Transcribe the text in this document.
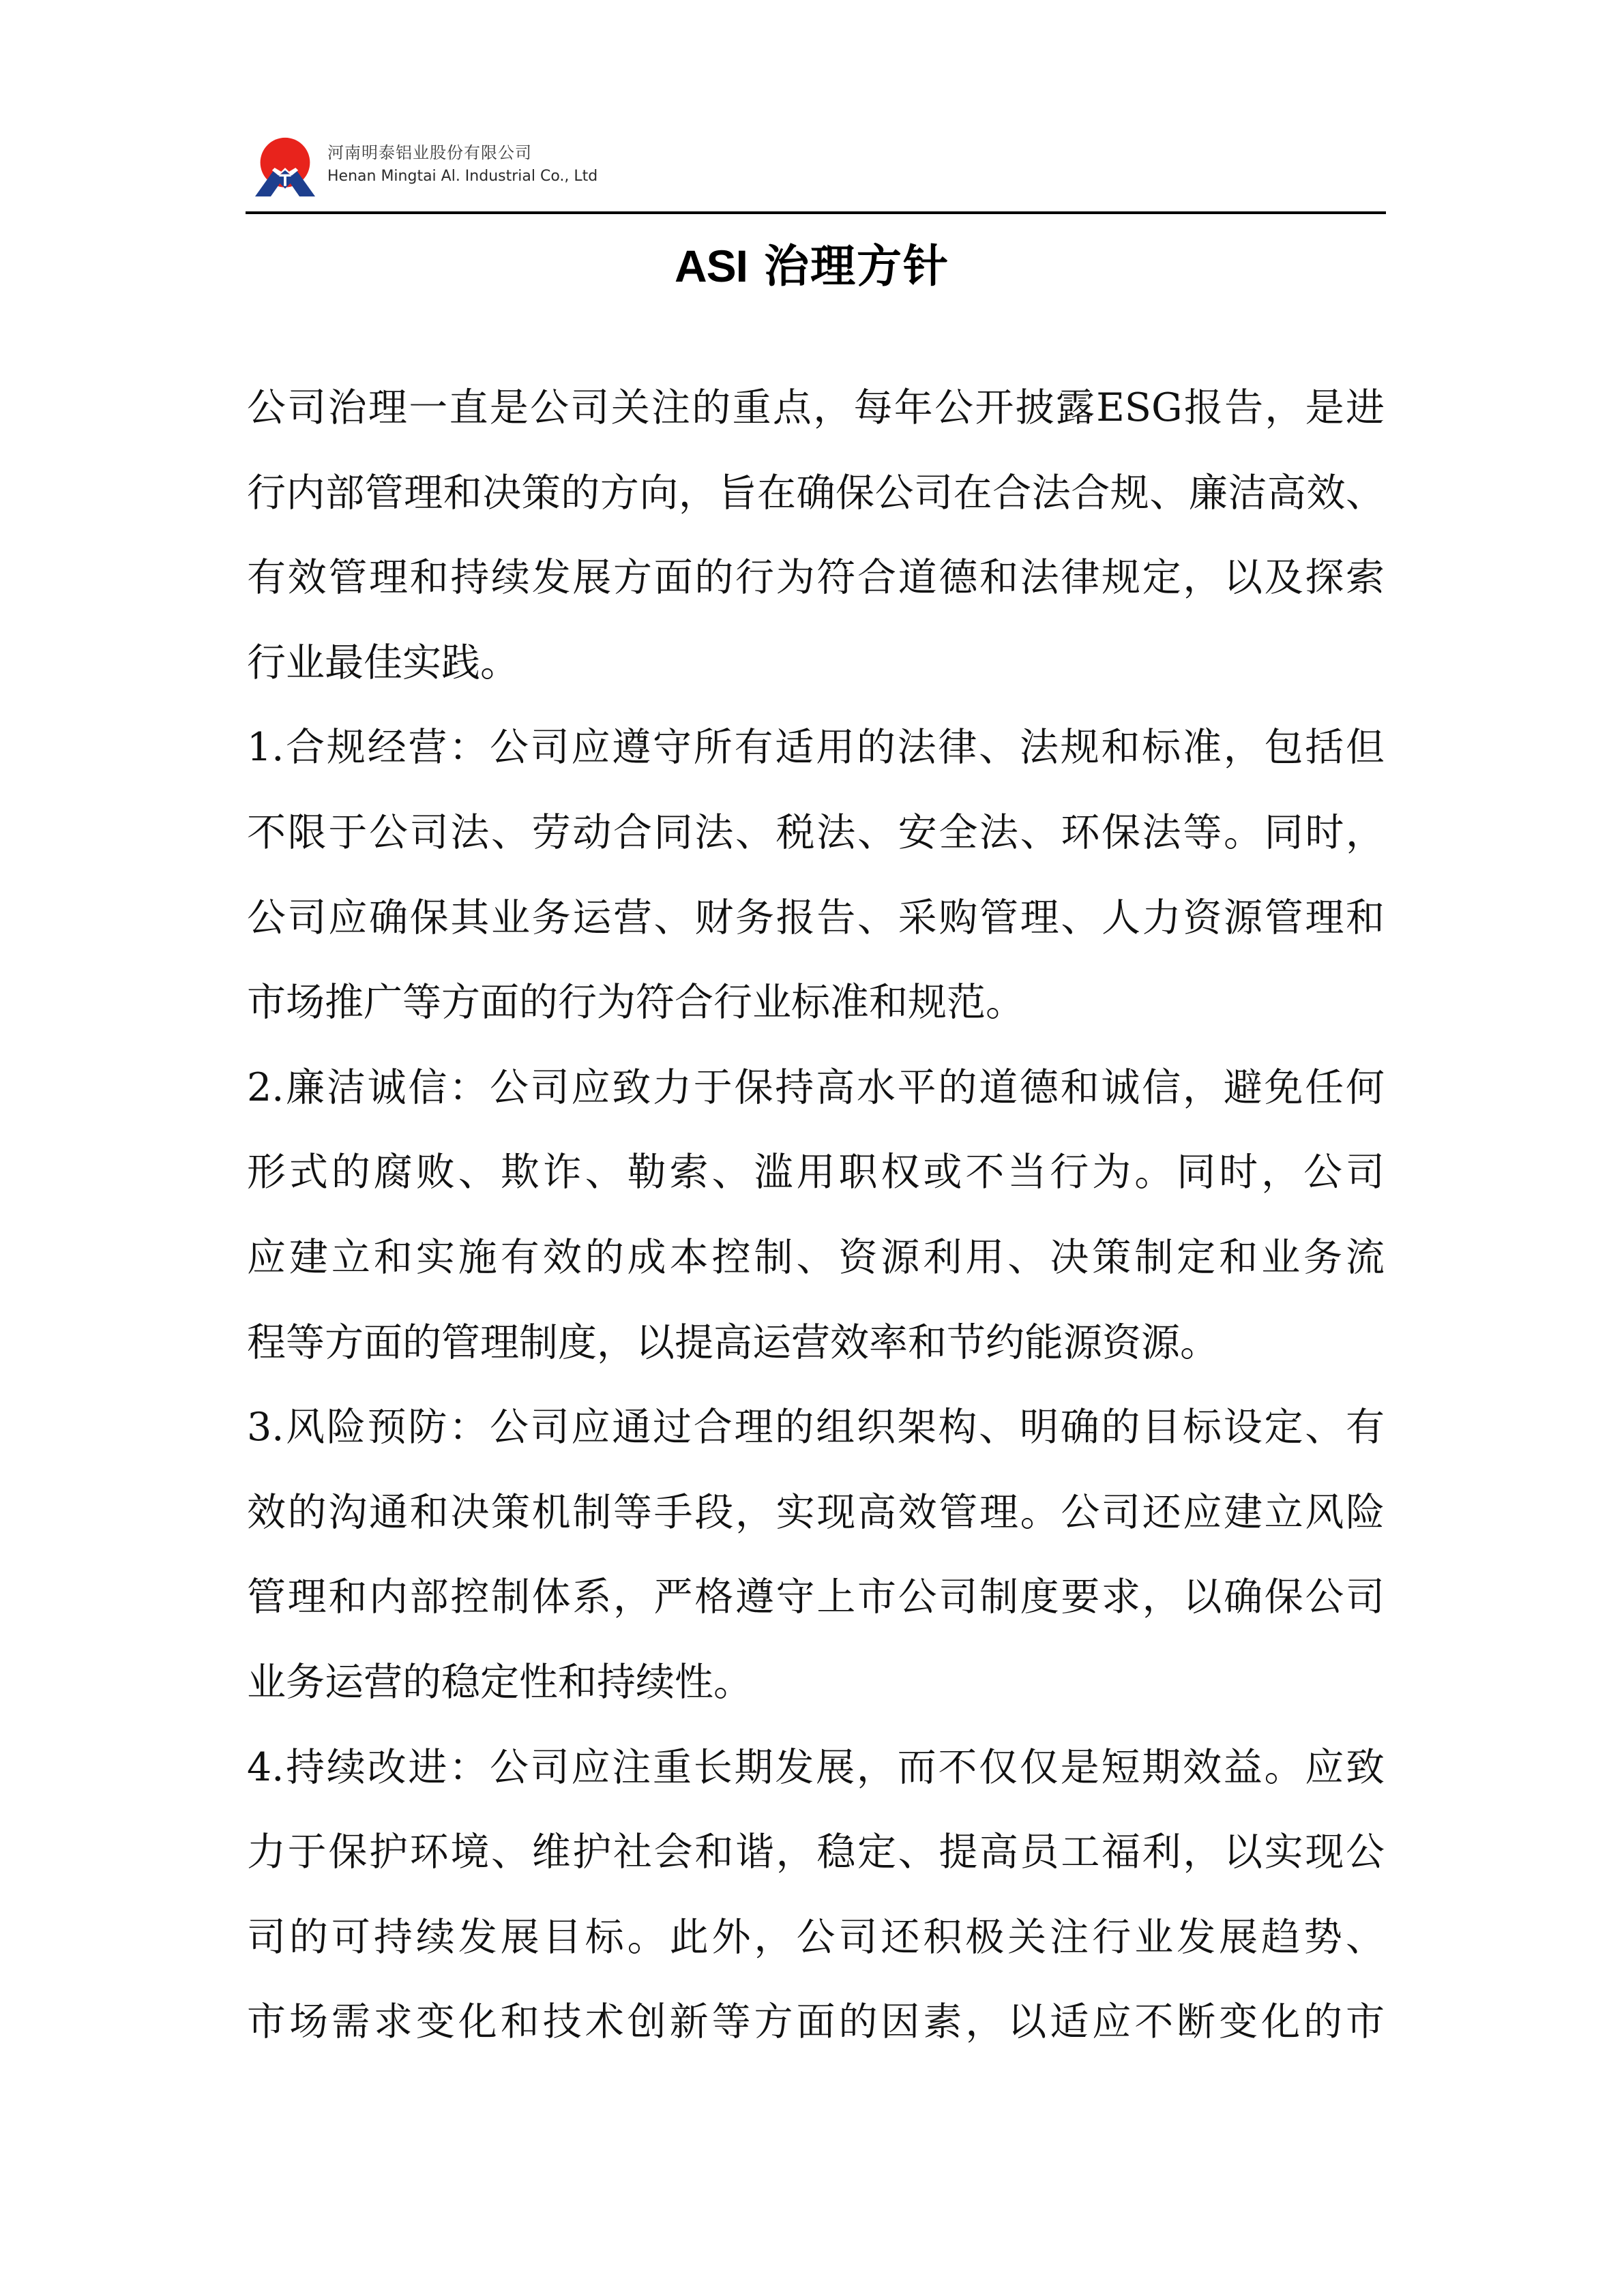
河南明泰铝业股份有限公司
Henan Mingtai Al. Industrial Co., Ltd
ASI 治理方针
公司治理一直是公司关注的重点，每年公开披露ESG报告，是进
行内部管理和决策的方向，旨在确保公司在合法合规、廉洁高效、
有效管理和持续发展方面的行为符合道德和法律规定，以及探索
行业最佳实践。
1.合规经营：公司应遵守所有适用的法律、法规和标准，包括但
不限于公司法、劳动合同法、税法、安全法、环保法等。同时，
公司应确保其业务运营、财务报告、采购管理、人力资源管理和
市场推广等方面的行为符合行业标准和规范。
2.廉洁诚信：公司应致力于保持高水平的道德和诚信，避免任何
形式的腐败、欺诈、勒索、滥用职权或不当行为。同时，公司
应建立和实施有效的成本控制、资源利用、决策制定和业务流
程等方面的管理制度，以提高运营效率和节约能源资源。
3.风险预防：公司应通过合理的组织架构、明确的目标设定、有
效的沟通和决策机制等手段，实现高效管理。公司还应建立风险
管理和内部控制体系，严格遵守上市公司制度要求，以确保公司
业务运营的稳定性和持续性。
4.持续改进：公司应注重长期发展，而不仅仅是短期效益。应致
力于保护环境、维护社会和谐，稳定、提高员工福利，以实现公
司的可持续发展目标。此外，公司还积极关注行业发展趋势、
市场需求变化和技术创新等方面的因素，以适应不断变化的市
